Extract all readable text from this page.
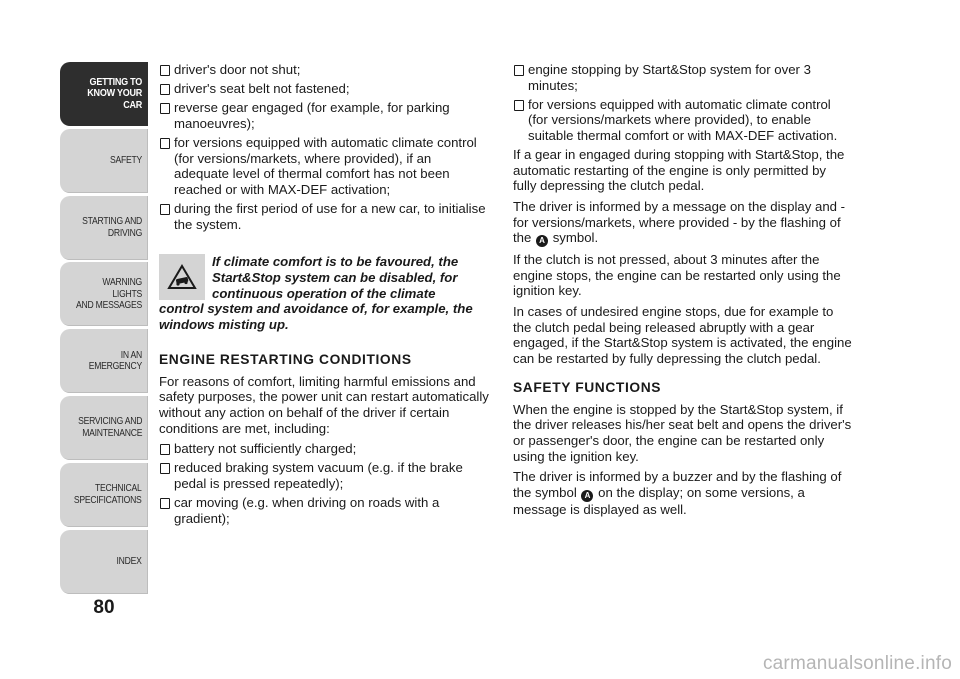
GETTING TO
KNOW YOUR CAR
SAFETY
STARTING AND
DRIVING
WARNING LIGHTS
AND MESSAGES
IN AN EMERGENCY
SERVICING AND
MAINTENANCE
TECHNICAL
SPECIFICATIONS
INDEX
80
driver's door not shut;
driver's seat belt not fastened;
reverse gear engaged (for example, for parking manoeuvres);
for versions equipped with automatic climate control (for versions/markets, where provided), if an adequate level of thermal comfort has not been reached or with MAX-DEF activation;
during the first period of use for a new car, to initialise the system.
If climate comfort is to be favoured, the Start&Stop system can be disabled, for continuous operation of the climate
control system and avoidance of, for example, the windows misting up.
ENGINE RESTARTING CONDITIONS

For reasons of comfort, limiting harmful emissions and safety purposes, the power unit can restart automatically without any action on behalf of the driver if certain conditions are met, including:

battery not sufficiently charged;
reduced braking system vacuum (e.g. if the brake pedal is pressed repeatedly);
car moving (e.g. when driving on roads with a gradient);
engine stopping by Start&Stop system for over 3 minutes;
for versions equipped with automatic climate control (for versions/markets where provided), to enable suitable thermal comfort or with MAX-DEF activation.

If a gear in engaged during stopping with Start&Stop, the automatic restarting of the engine is only permitted by fully depressing the clutch pedal.

The driver is informed by a message on the display and - for versions/markets, where provided - by the flashing of the A symbol.

If the clutch is not pressed, about 3 minutes after the engine stops, the engine can be restarted only using the ignition key.

In cases of undesired engine stops, due for example to the clutch pedal being released abruptly with a gear engaged, if the Start&Stop system is activated, the engine can be restarted by fully depressing the clutch pedal.

SAFETY FUNCTIONS

When the engine is stopped by the Start&Stop system, if the driver releases his/her seat belt and opens the driver's or passenger's door, the engine can be restarted only using the ignition key.

The driver is informed by a buzzer and by the flashing of the symbol A on the display; on some versions, a message is displayed as well.

carmanualsonline.info
